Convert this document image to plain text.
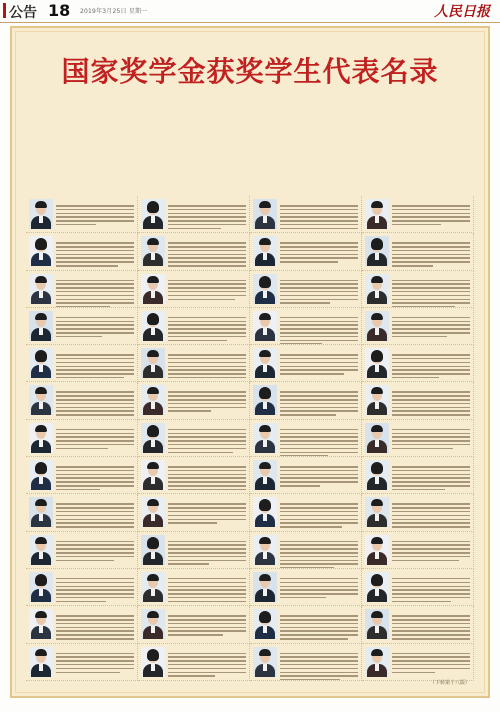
公告 18 2019年3月25日 星期一	人民日报
国家奖学金获奖学生代表名录

（下转第十八版）
